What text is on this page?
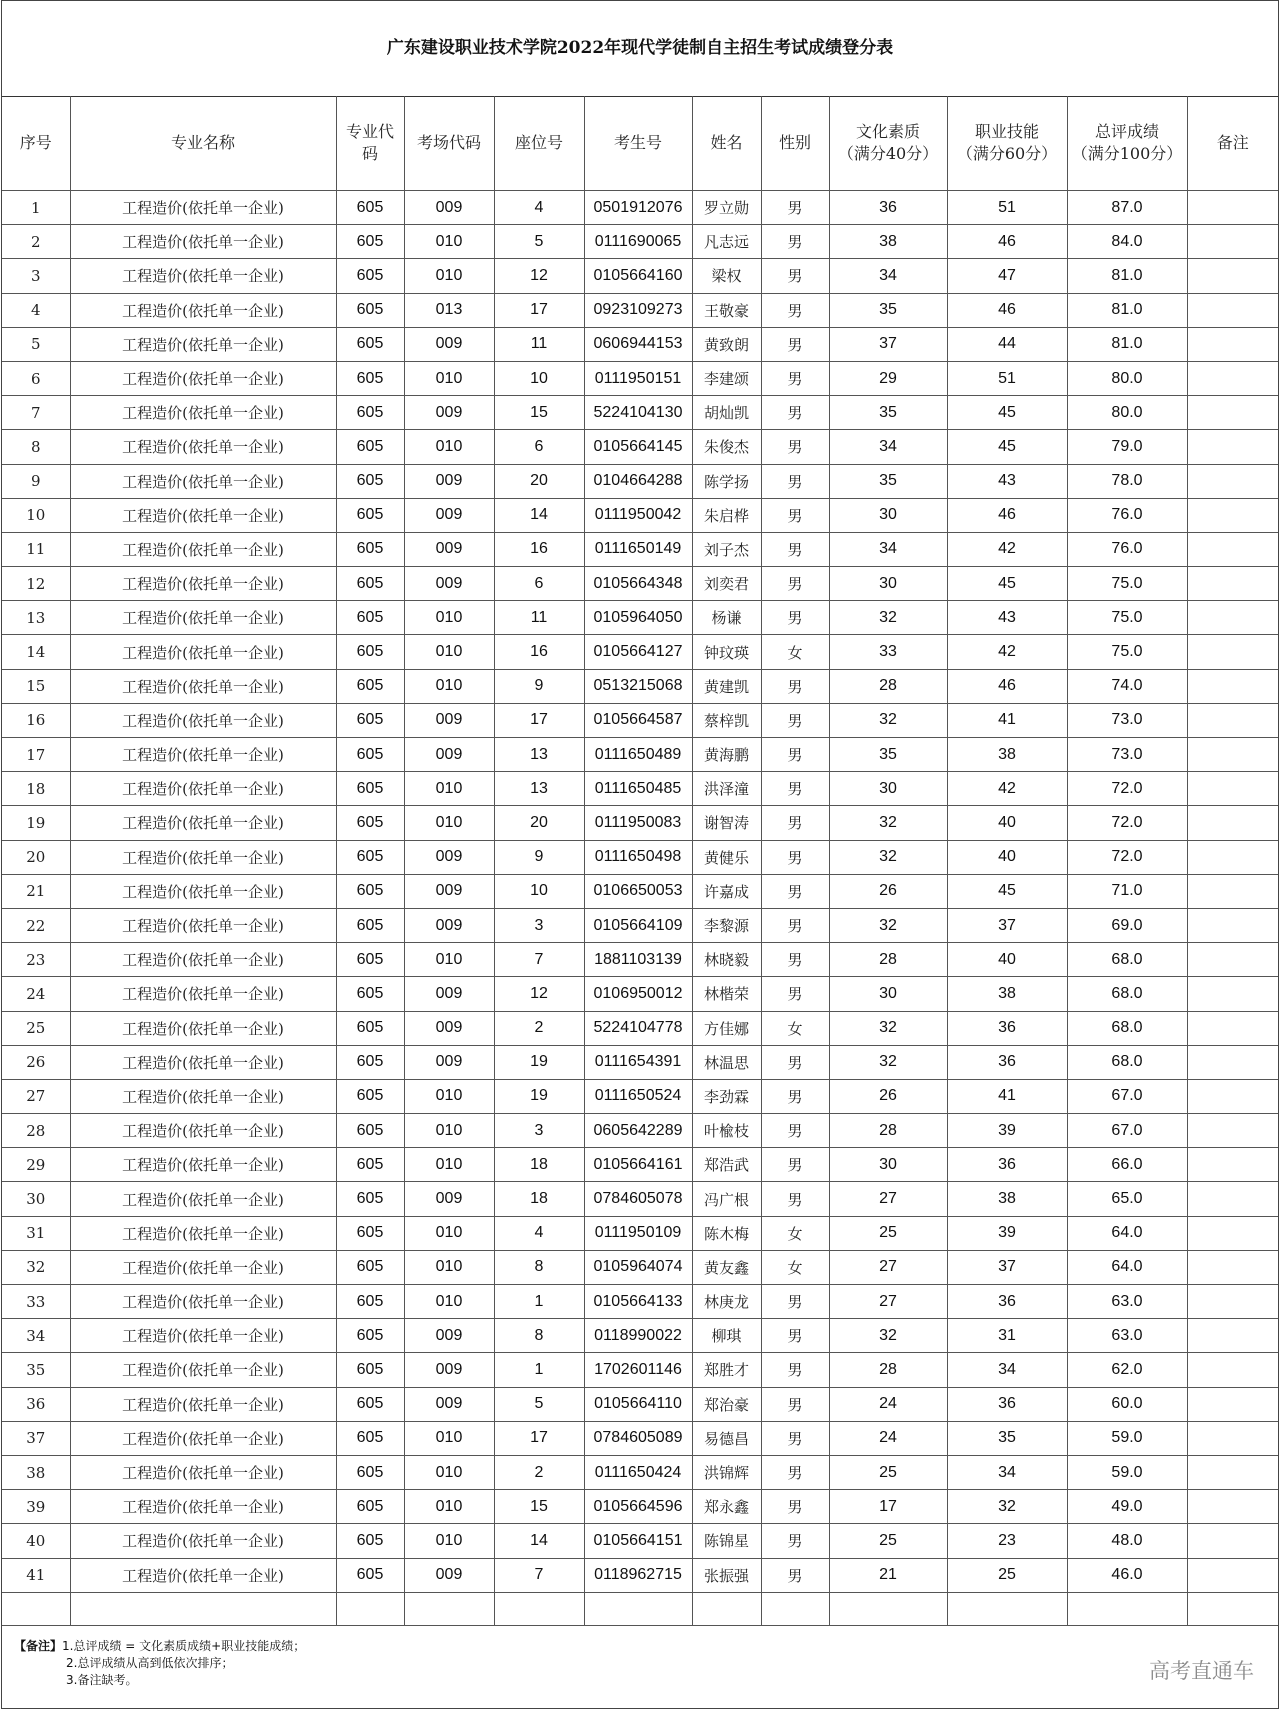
广东建设职业技术学院2022年现代学徒制自主招生考试成绩登分表
序号	专业名称	专业代
码	考场代码	座位号	考生号	姓名	性别	文化素质
（满分40分）	职业技能
（满分60分）	总评成绩
（满分100分）	备注
1	工程造价(依托单一企业)	605	009	4	0501912076	罗立勋	男	36	51	87.0	
2	工程造价(依托单一企业)	605	010	5	0111690065	凡志远	男	38	46	84.0	
3	工程造价(依托单一企业)	605	010	12	0105664160	梁权	男	34	47	81.0	
4	工程造价(依托单一企业)	605	013	17	0923109273	王敬豪	男	35	46	81.0	
5	工程造价(依托单一企业)	605	009	11	0606944153	黄致朗	男	37	44	81.0	
6	工程造价(依托单一企业)	605	010	10	0111950151	李建颂	男	29	51	80.0	
7	工程造价(依托单一企业)	605	009	15	5224104130	胡灿凯	男	35	45	80.0	
8	工程造价(依托单一企业)	605	010	6	0105664145	朱俊杰	男	34	45	79.0	
9	工程造价(依托单一企业)	605	009	20	0104664288	陈学扬	男	35	43	78.0	
10	工程造价(依托单一企业)	605	009	14	0111950042	朱启桦	男	30	46	76.0	
11	工程造价(依托单一企业)	605	009	16	0111650149	刘子杰	男	34	42	76.0	
12	工程造价(依托单一企业)	605	009	6	0105664348	刘奕君	男	30	45	75.0	
13	工程造价(依托单一企业)	605	010	11	0105964050	杨谦	男	32	43	75.0	
14	工程造价(依托单一企业)	605	010	16	0105664127	钟玟瑛	女	33	42	75.0	
15	工程造价(依托单一企业)	605	010	9	0513215068	黄建凯	男	28	46	74.0	
16	工程造价(依托单一企业)	605	009	17	0105664587	蔡梓凯	男	32	41	73.0	
17	工程造价(依托单一企业)	605	009	13	0111650489	黄海鹏	男	35	38	73.0	
18	工程造价(依托单一企业)	605	010	13	0111650485	洪泽潼	男	30	42	72.0	
19	工程造价(依托单一企业)	605	010	20	0111950083	谢智涛	男	32	40	72.0	
20	工程造价(依托单一企业)	605	009	9	0111650498	黄健乐	男	32	40	72.0	
21	工程造价(依托单一企业)	605	009	10	0106650053	许嘉成	男	26	45	71.0	
22	工程造价(依托单一企业)	605	009	3	0105664109	李黎源	男	32	37	69.0	
23	工程造价(依托单一企业)	605	010	7	1881103139	林晓毅	男	28	40	68.0	
24	工程造价(依托单一企业)	605	009	12	0106950012	林楷荣	男	30	38	68.0	
25	工程造价(依托单一企业)	605	009	2	5224104778	方佳娜	女	32	36	68.0	
26	工程造价(依托单一企业)	605	009	19	0111654391	林温思	男	32	36	68.0	
27	工程造价(依托单一企业)	605	010	19	0111650524	李劲霖	男	26	41	67.0	
28	工程造价(依托单一企业)	605	010	3	0605642289	叶楡枝	男	28	39	67.0	
29	工程造价(依托单一企业)	605	010	18	0105664161	郑浩武	男	30	36	66.0	
30	工程造价(依托单一企业)	605	009	18	0784605078	冯广根	男	27	38	65.0	
31	工程造价(依托单一企业)	605	010	4	0111950109	陈木梅	女	25	39	64.0	
32	工程造价(依托单一企业)	605	010	8	0105964074	黄友鑫	女	27	37	64.0	
33	工程造价(依托单一企业)	605	010	1	0105664133	林庚龙	男	27	36	63.0	
34	工程造价(依托单一企业)	605	009	8	0118990022	柳琪	男	32	31	63.0	
35	工程造价(依托单一企业)	605	009	1	1702601146	郑胜才	男	28	34	62.0	
36	工程造价(依托单一企业)	605	009	5	0105664110	郑治豪	男	24	36	60.0	
37	工程造价(依托单一企业)	605	010	17	0784605089	易德昌	男	24	35	59.0	
38	工程造价(依托单一企业)	605	010	2	0111650424	洪锦辉	男	25	34	59.0	
39	工程造价(依托单一企业)	605	010	15	0105664596	郑永鑫	男	17	32	49.0	
40	工程造价(依托单一企业)	605	010	14	0105664151	陈锦星	男	25	23	48.0	
41	工程造价(依托单一企业)	605	009	7	0118962715	张振强	男	21	25	46.0	

【备注】1.总评成绩 = 文化素质成绩+职业技能成绩；
2.总评成绩从高到低依次排序；
3.备注缺考。	高考直通车
